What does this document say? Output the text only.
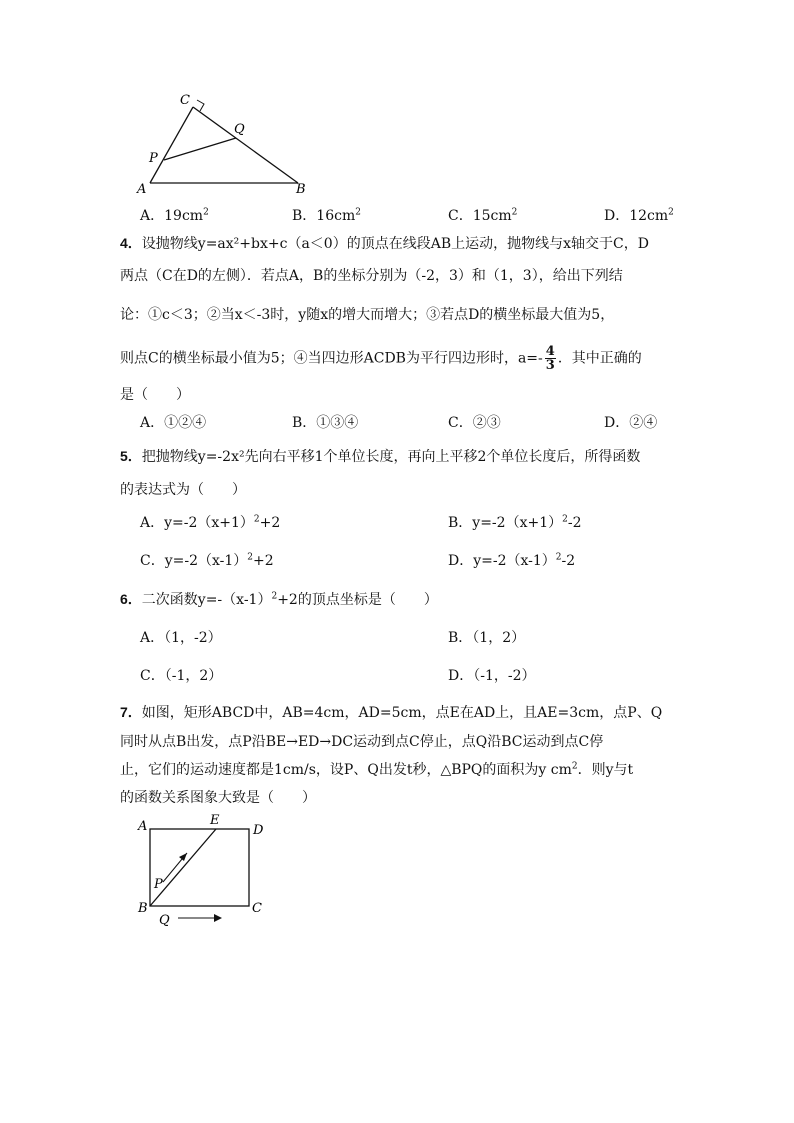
C
Q
P
A	B
A．$19cm^2$	B．$16cm^2$	C．$15cm^2$	D．$12cm^2$
4．设抛物线y=ax²+bx+c（a＜0）的顶点在线段AB上运动，抛物线与x轴交于C，D
两点（C在D的左侧）．若点A，B的坐标分别为（-2，3）和（1，3），给出下列结
论：①c＜3；②当x＜-3时，y随x的增大而增大；③若点D的横坐标最大值为5，
则点C的横坐标最小值为5；④当四边形ACDB为平行四边形时，$a=- \frac{4}{3}$ ．其中正确的
是（　　）
A．①②④	B．①③④	C．②③	D．②④
5．把抛物线y=-2x²先向右平移1个单位长度，再向上平移2个单位长度后，所得函数
的表达式为（　　）
A．$y=-2(x+1)^2+2$	B．$y=-2(x+1)^2-2$
C．$y=-2(x-1)^2+2$	D．$y=-2(x-1)^2-2$
6．二次函数$y=-(x-1)^2+2$的顶点坐标是（　　）
A．（1，-2）	B．（1，2）
C．（-1，2）	D．（-1，-2）
7．如图，矩形ABCD中，AB=4cm，AD=5cm，点E在AD上，且AE=3cm，点P、Q
同时从点B出发，点P沿BE→ED→DC运动到点C停止，点Q沿BC运动到点C停
止，它们的运动速度都是1cm/s，设P、Q出发t秒，△BPQ的面积为y $cm^2$．则y与t
的函数关系图象大致是（　　）
A	E
D
P
B
Q
C
